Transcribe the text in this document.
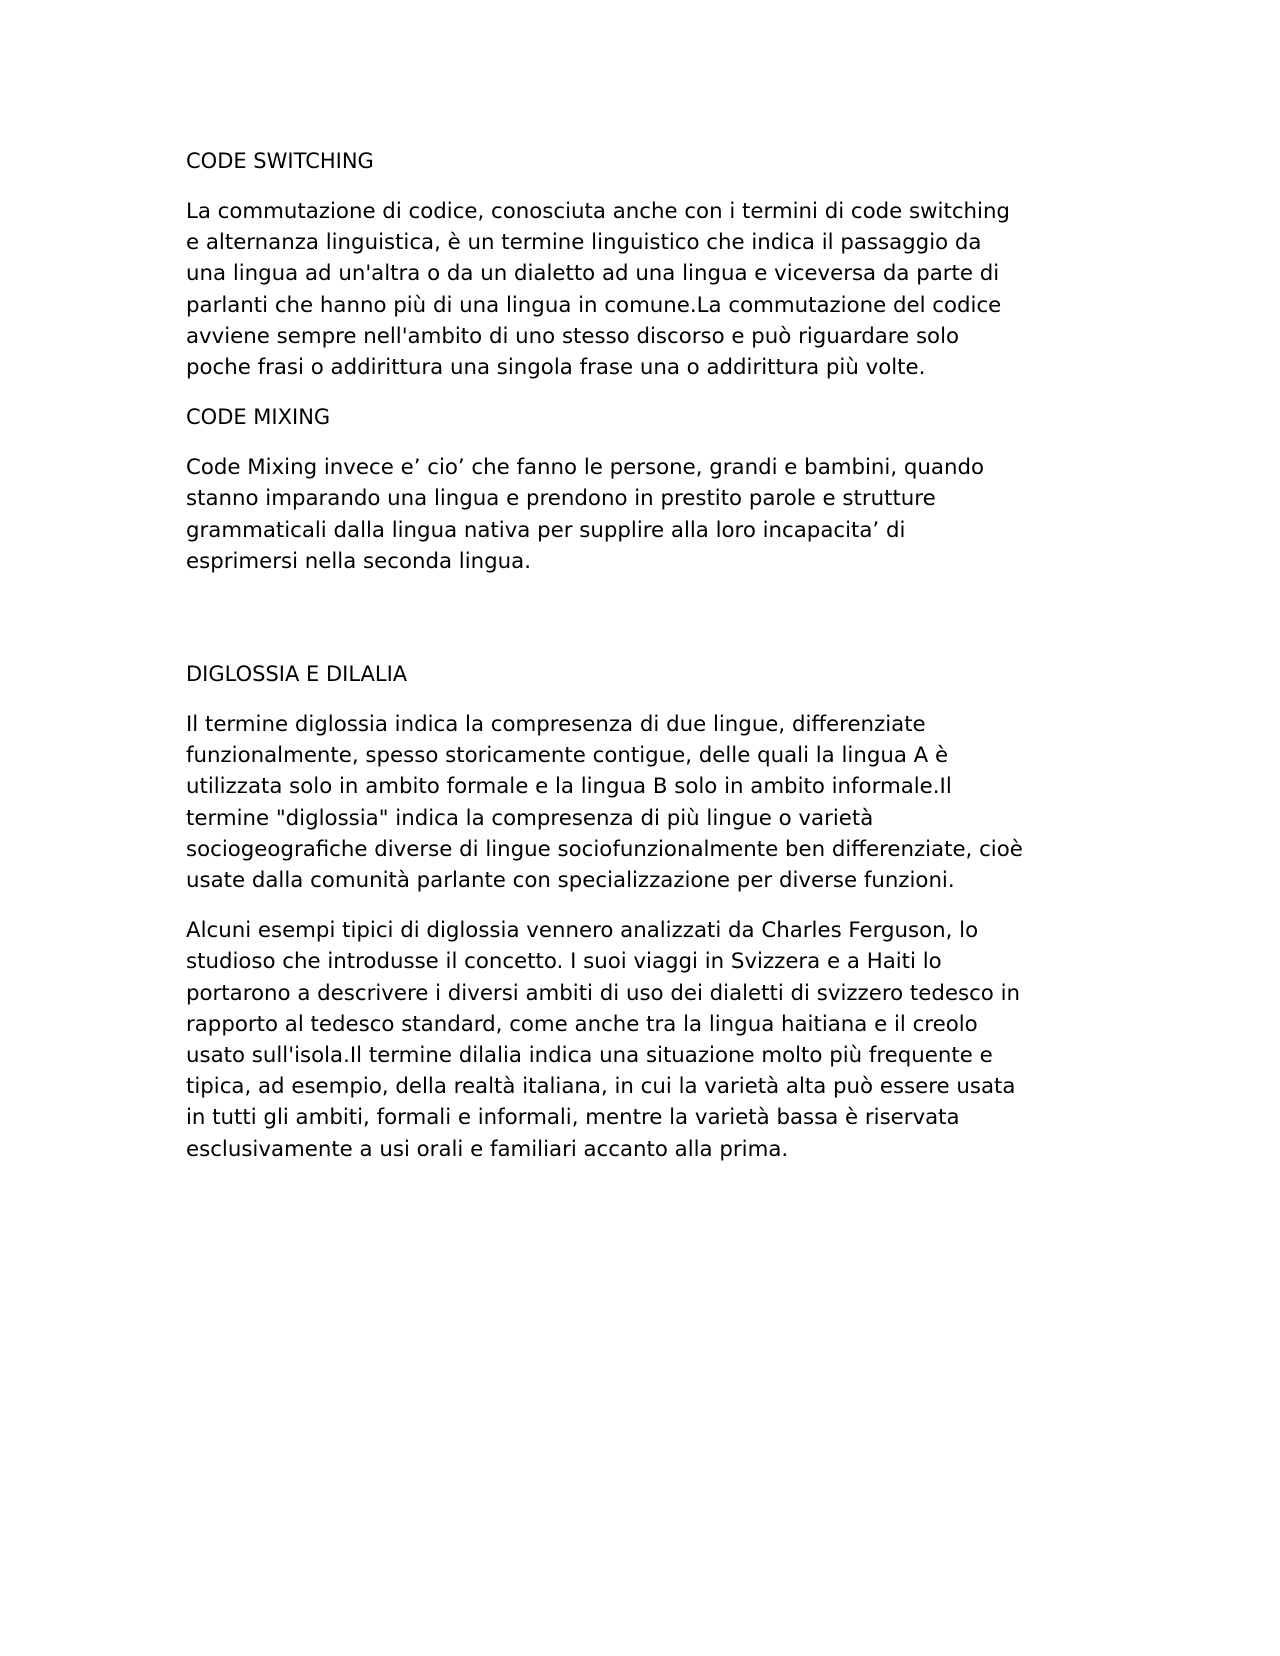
CODE SWITCHING
La commutazione di codice, conosciuta anche con i termini di code switching
e alternanza linguistica, è un termine linguistico che indica il passaggio da
una lingua ad un'altra o da un dialetto ad una lingua e viceversa da parte di
parlanti che hanno più di una lingua in comune.La commutazione del codice
avviene sempre nell'ambito di uno stesso discorso e può riguardare solo
poche frasi o addirittura una singola frase una o addirittura più volte.
CODE MIXING
Code Mixing invece e’ cio’ che fanno le persone, grandi e bambini, quando
stanno imparando una lingua e prendono in prestito parole e strutture
grammaticali dalla lingua nativa per supplire alla loro incapacita’ di
esprimersi nella seconda lingua.
DIGLOSSIA E DILALIA
Il termine diglossia indica la compresenza di due lingue, differenziate
funzionalmente, spesso storicamente contigue, delle quali la lingua A è
utilizzata solo in ambito formale e la lingua B solo in ambito informale.Il
termine "diglossia" indica la compresenza di più lingue o varietà
sociogeografiche diverse di lingue sociofunzionalmente ben differenziate, cioè
usate dalla comunità parlante con specializzazione per diverse funzioni.
Alcuni esempi tipici di diglossia vennero analizzati da Charles Ferguson, lo
studioso che introdusse il concetto. I suoi viaggi in Svizzera e a Haiti lo
portarono a descrivere i diversi ambiti di uso dei dialetti di svizzero tedesco in
rapporto al tedesco standard, come anche tra la lingua haitiana e il creolo
usato sull'isola.Il termine dilalia indica una situazione molto più frequente e
tipica, ad esempio, della realtà italiana, in cui la varietà alta può essere usata
in tutti gli ambiti, formali e informali, mentre la varietà bassa è riservata
esclusivamente a usi orali e familiari accanto alla prima.
